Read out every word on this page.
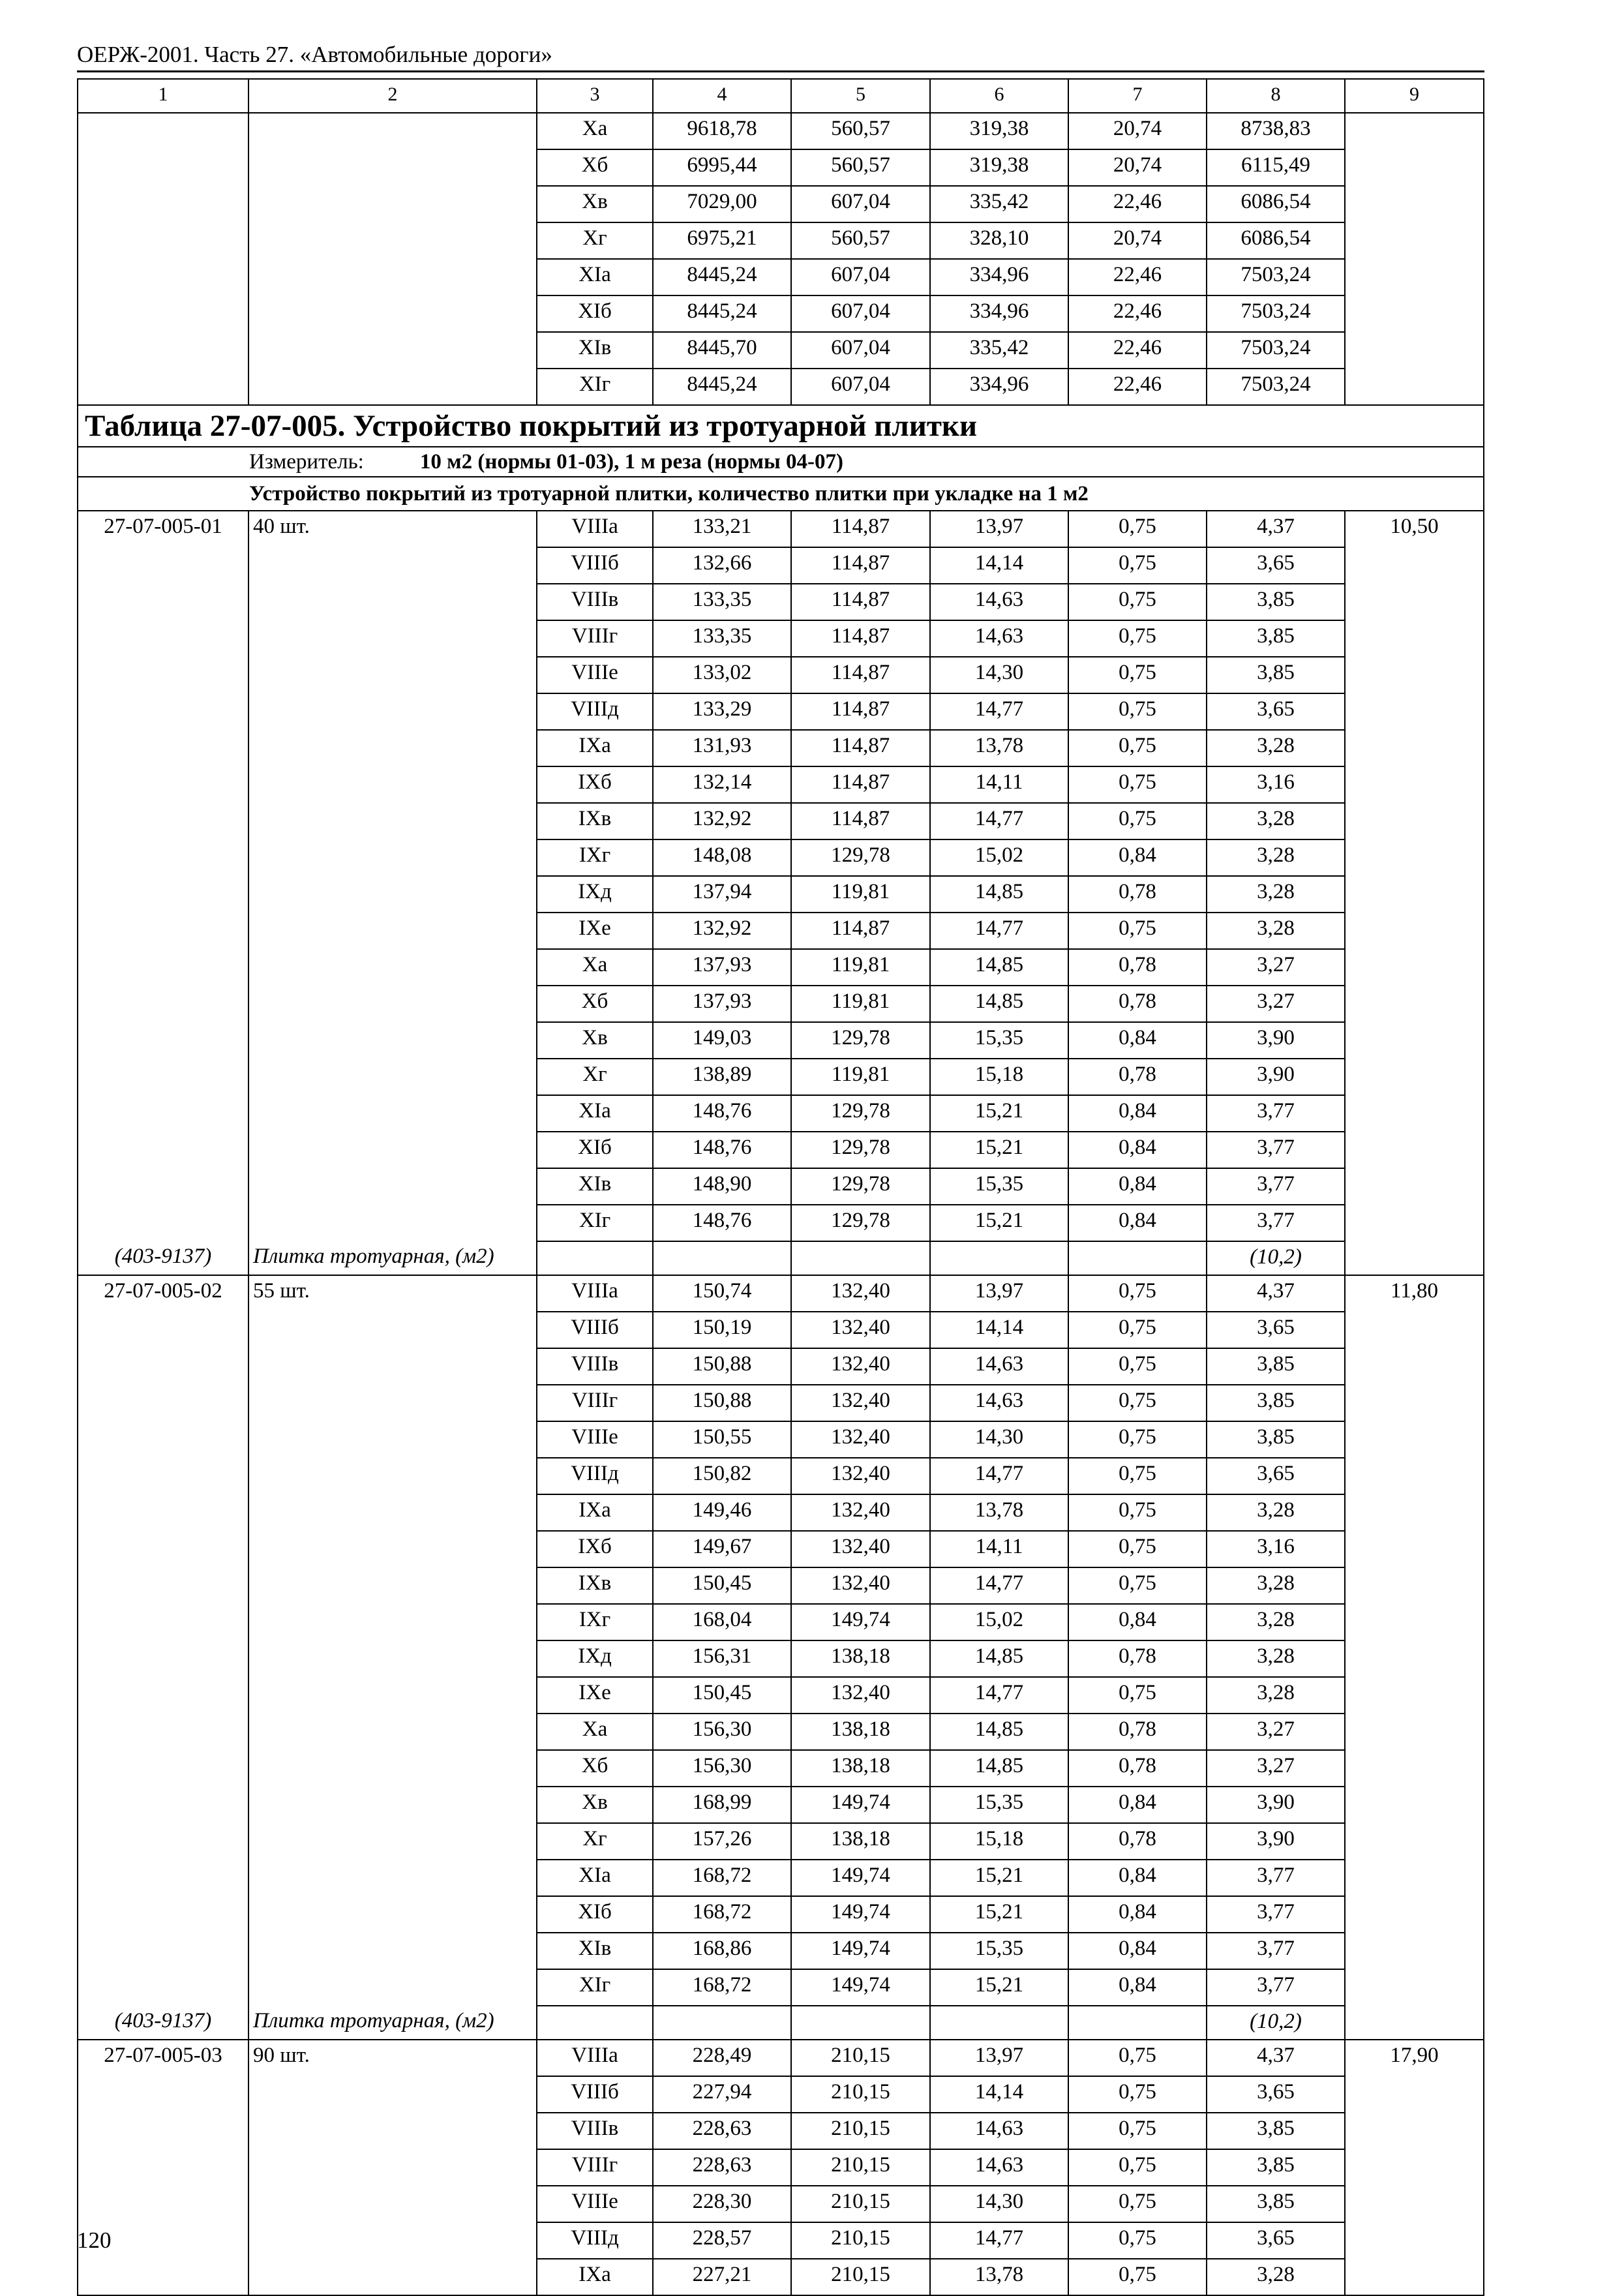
ОЕРЖ-2001. Часть 27. «Автомобильные дороги»
1	2	3	4	5	6	7	8	9
		Xа	9618,78	560,57	319,38	20,74	8738,83	
		Xб	6995,44	560,57	319,38	20,74	6115,49	
		Xв	7029,00	607,04	335,42	22,46	6086,54	
		Xг	6975,21	560,57	328,10	20,74	6086,54	
		XIа	8445,24	607,04	334,96	22,46	7503,24	
		XIб	8445,24	607,04	334,96	22,46	7503,24	
		XIв	8445,70	607,04	335,42	22,46	7503,24	
		XIг	8445,24	607,04	334,96	22,46	7503,24	
Таблица 27-07-005. Устройство покрытий из тротуарной плитки								
Измеритель: 10 м2 (нормы 01-03), 1 м реза (нормы 04-07)								
Устройство покрытий из тротуарной плитки, количество плитки при укладке на 1 м2								
27-07-005-01	40 шт.	VIIIа	133,21	114,87	13,97	0,75	4,37	10,50
		VIIIб	132,66	114,87	14,14	0,75	3,65	
		VIIIв	133,35	114,87	14,63	0,75	3,85	
		VIIIг	133,35	114,87	14,63	0,75	3,85	
		VIIIе	133,02	114,87	14,30	0,75	3,85	
		VIIIд	133,29	114,87	14,77	0,75	3,65	
		IXа	131,93	114,87	13,78	0,75	3,28	
		IXб	132,14	114,87	14,11	0,75	3,16	
		IXв	132,92	114,87	14,77	0,75	3,28	
		IXг	148,08	129,78	15,02	0,84	3,28	
		IXд	137,94	119,81	14,85	0,78	3,28	
		IXе	132,92	114,87	14,77	0,75	3,28	
		Xа	137,93	119,81	14,85	0,78	3,27	
		Xб	137,93	119,81	14,85	0,78	3,27	
		Xв	149,03	129,78	15,35	0,84	3,90	
		Xг	138,89	119,81	15,18	0,78	3,90	
		XIа	148,76	129,78	15,21	0,84	3,77	
		XIб	148,76	129,78	15,21	0,84	3,77	
		XIв	148,90	129,78	15,35	0,84	3,77	
		XIг	148,76	129,78	15,21	0,84	3,77	
(403-9137)	Плитка тротуарная, (м2)						(10,2)	
27-07-005-02	55 шт.	VIIIа	150,74	132,40	13,97	0,75	4,37	11,80
		VIIIб	150,19	132,40	14,14	0,75	3,65	
		VIIIв	150,88	132,40	14,63	0,75	3,85	
		VIIIг	150,88	132,40	14,63	0,75	3,85	
		VIIIе	150,55	132,40	14,30	0,75	3,85	
		VIIIд	150,82	132,40	14,77	0,75	3,65	
		IXа	149,46	132,40	13,78	0,75	3,28	
		IXб	149,67	132,40	14,11	0,75	3,16	
		IXв	150,45	132,40	14,77	0,75	3,28	
		IXг	168,04	149,74	15,02	0,84	3,28	
		IXд	156,31	138,18	14,85	0,78	3,28	
		IXе	150,45	132,40	14,77	0,75	3,28	
		Xа	156,30	138,18	14,85	0,78	3,27	
		Xб	156,30	138,18	14,85	0,78	3,27	
		Xв	168,99	149,74	15,35	0,84	3,90	
		Xг	157,26	138,18	15,18	0,78	3,90	
		XIа	168,72	149,74	15,21	0,84	3,77	
		XIб	168,72	149,74	15,21	0,84	3,77	
		XIв	168,86	149,74	15,35	0,84	3,77	
		XIг	168,72	149,74	15,21	0,84	3,77	
(403-9137)	Плитка тротуарная, (м2)						(10,2)	
27-07-005-03	90 шт.	VIIIа	228,49	210,15	13,97	0,75	4,37	17,90
		VIIIб	227,94	210,15	14,14	0,75	3,65	
		VIIIв	228,63	210,15	14,63	0,75	3,85	
		VIIIг	228,63	210,15	14,63	0,75	3,85	
		VIIIе	228,30	210,15	14,30	0,75	3,85	
		VIIIд	228,57	210,15	14,77	0,75	3,65	
		IXа	227,21	210,15	13,78	0,75	3,28	
120
